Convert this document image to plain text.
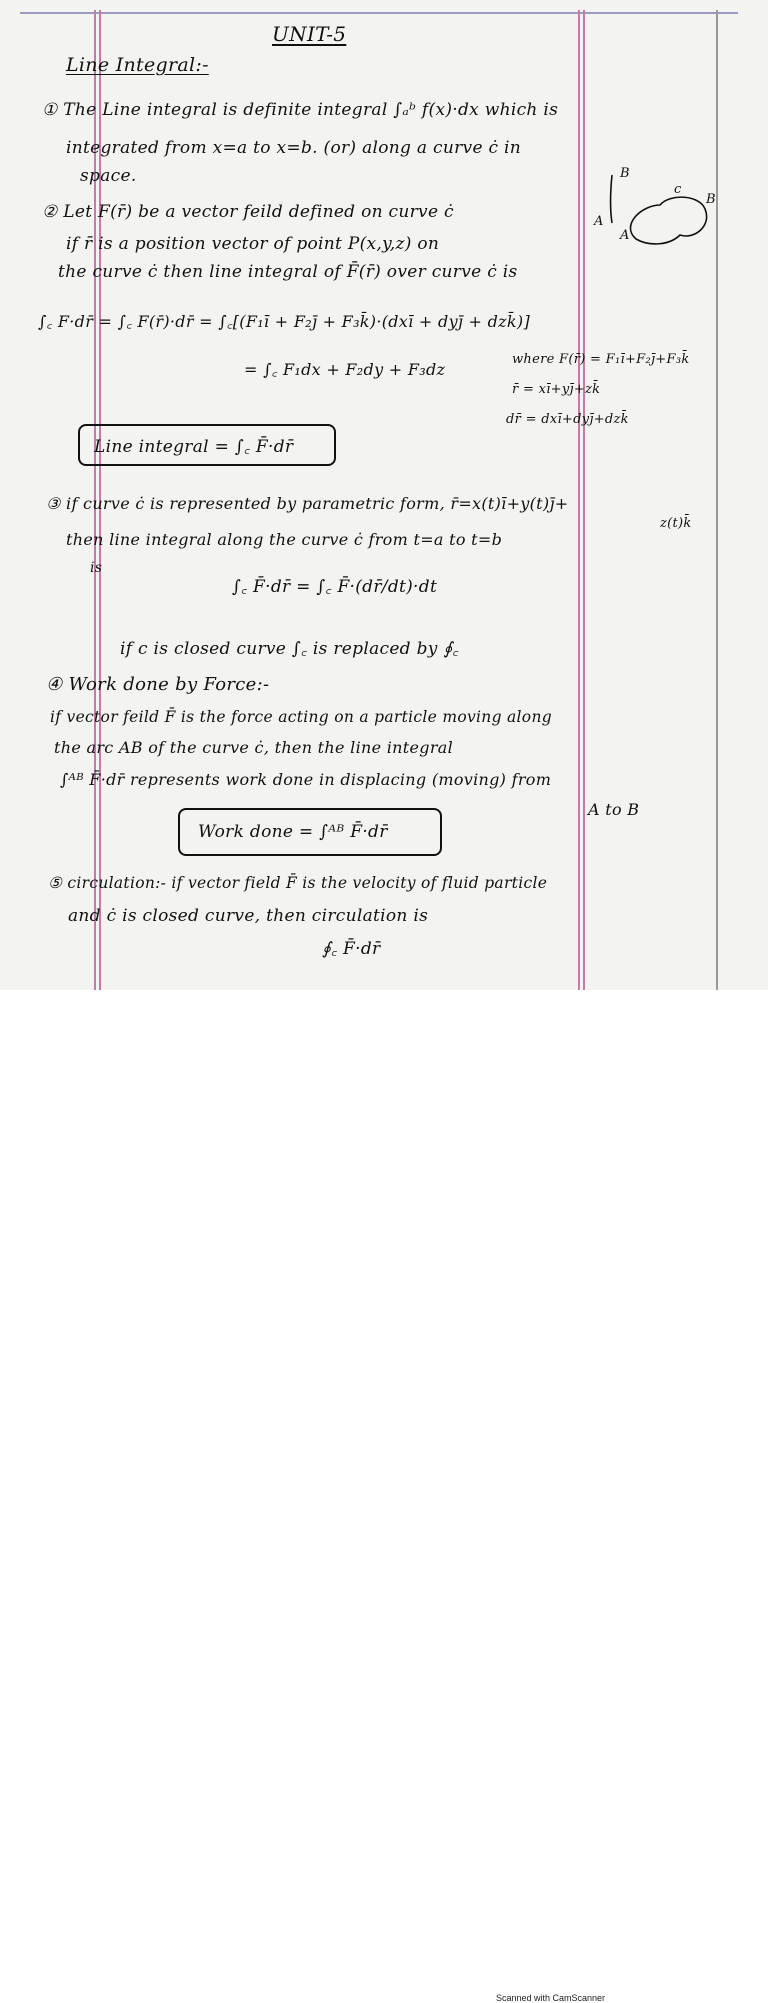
UNIT-5
Line Integral:-
① The Line integral is definite integral ∫ₐᵇ f(x)·dx which is
integrated from x=a to x=b. (or) along a curve ċ in
space.
② Let F(r̄) be a vector feild defined on curve ċ
if r̄ is a position vector of point P(x,y,z) on
the curve ċ then line integral of F̄(r̄) over curve ċ is
B
c
B
A
A
∫꜀ F·dr̄ = ∫꜀ F(r̄)·dr̄ = ∫꜀[(F₁ī + F₂j̄ + F₃k̄)·(dxī + dyj̄ + dzk̄)]
= ∫꜀ F₁dx + F₂dy + F₃dz
where F(r̄) = F₁ī+F₂j̄+F₃k̄
r̄ = xī+yj̄+zk̄
dr̄ = dxī+dyj̄+dzk̄
Line integral = ∫꜀ F̄·dr̄
③ if curve ċ is represented by parametric form, r̄=x(t)ī+y(t)j̄+
z(t)k̄
then line integral along the curve ċ from t=a to t=b
is
∫꜀ F̄·dr̄ = ∫꜀ F̄·(dr̄/dt)·dt
if c is closed curve ∫꜀ is replaced by ∮꜀
④ Work done by Force:-
if vector feild F̄ is the force acting on a particle moving along
the arc AB of the curve ċ, then the line integral
∫ᴬᴮ F̄·dr̄ represents work done in displacing (moving) from
A to B
Work done = ∫ᴬᴮ F̄·dr̄
⑤ circulation:- if vector field F̄ is the velocity of fluid particle
and ċ is closed curve, then circulation is
∮꜀ F̄·dr̄
Scanned with CamScanner
